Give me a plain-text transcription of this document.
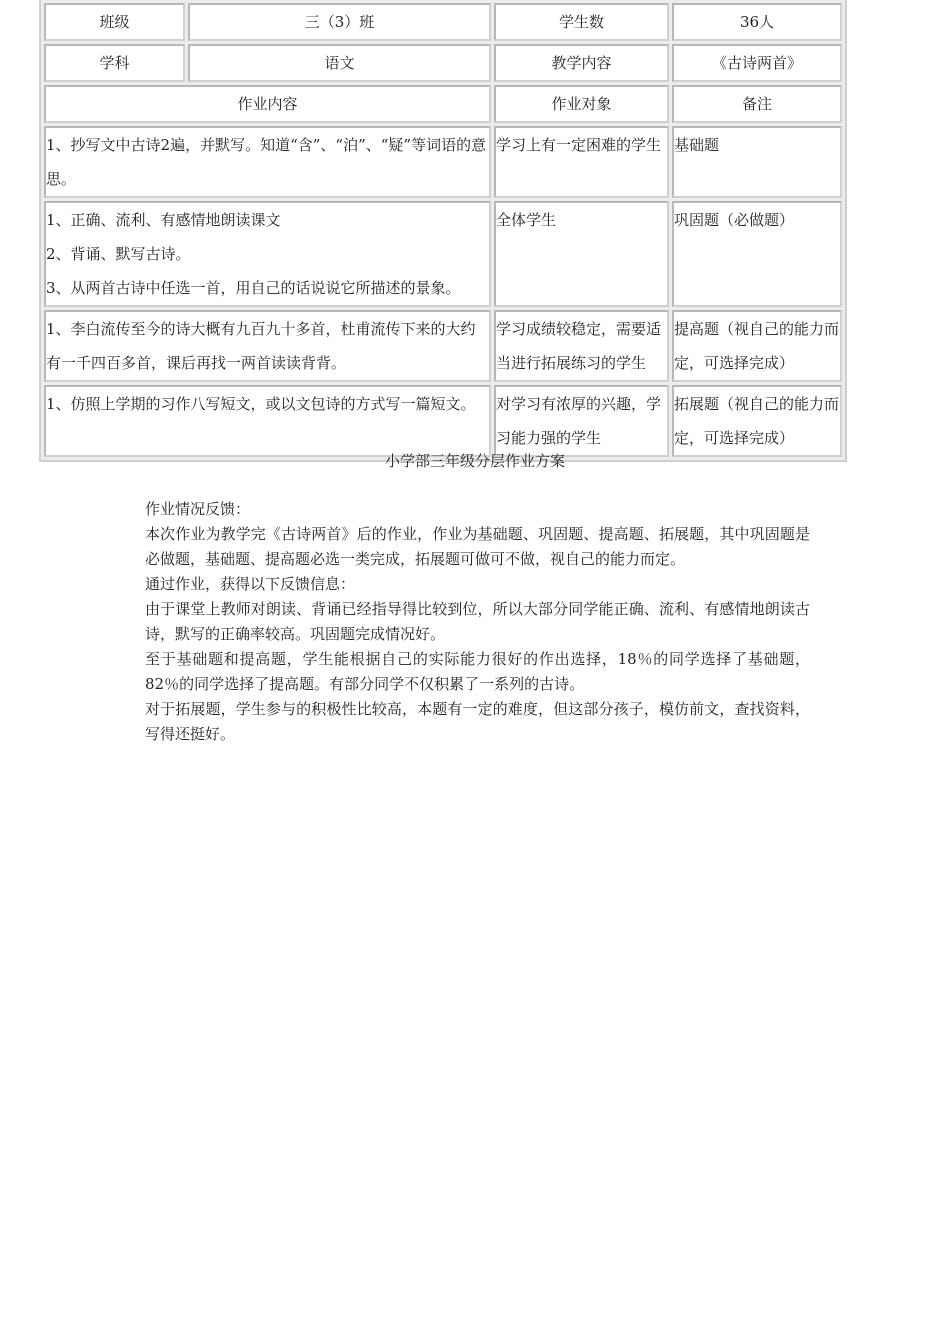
班级	三（3）班	学生数	36人
学科	语文	教学内容	《古诗两首》
作业内容		作业对象	备注

1、抄写文中古诗2遍，并默写。知道“含”、“泊”、“疑”等词语的意思。		学习上有一定困难的学生	基础题

1、正确、流利、有感情地朗读课文
2、背诵、默写古诗。
3、从两首古诗中任选一首，用自己的话说说它所描述的景象。		全体学生	巩固题（必做题）

1、李白流传至今的诗大概有九百九十多首，杜甫流传下来的大约有一千四百多首，课后再找一两首读读背背。		学习成绩较稳定，需要适当进行拓展练习的学生	提高题（视自己的能力而定，可选择完成）

1、仿照上学期的习作八写短文，或以文包诗的方式写一篇短文。		对学习有浓厚的兴趣，学习能力强的学生	拓展题（视自己的能力而定，可选择完成）
小学部三年级分层作业方案

作业情况反馈：

本次作业为教学完《古诗两首》后的作业，作业为基础题、巩固题、提高题、拓展题，其中巩固题是必做题，基础题、提高题必选一类完成，拓展题可做可不做，视自己的能力而定。

通过作业，获得以下反馈信息：

由于课堂上教师对朗读、背诵已经指导得比较到位，所以大部分同学能正确、流利、有感情地朗读古诗，默写的正确率较高。巩固题完成情况好。

至于基础题和提高题，学生能根据自己的实际能力很好的作出选择，18％的同学选择了基础题，82％的同学选择了提高题。有部分同学不仅积累了一系列的古诗。

对于拓展题，学生参与的积极性比较高，本题有一定的难度，但这部分孩子，模仿前文，查找资料，写得还挺好。
